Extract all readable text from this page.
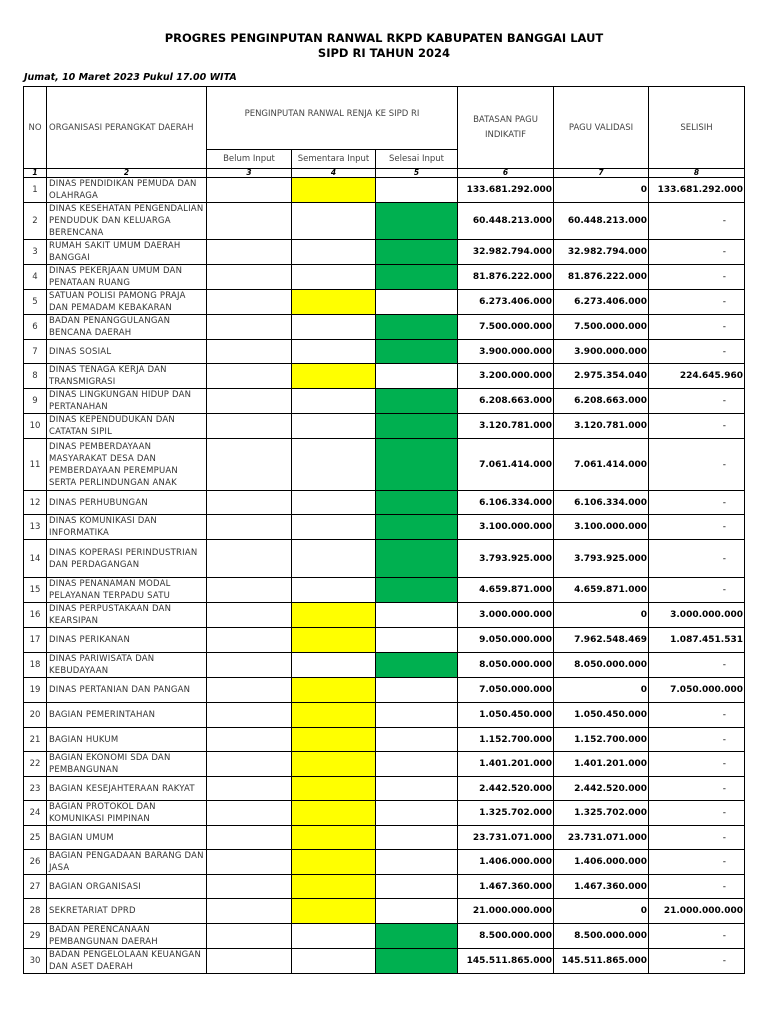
PROGRES PENGINPUTAN RANWAL RKPD KABUPATEN BANGGAI LAUT
SIPD RI TAHUN 2024
Jumat, 10 Maret 2023 Pukul 17.00 WITA
NO	ORGANISASI PERANGKAT DAERAH	PENGINPUTAN RANWAL RENJA KE SIPD RI			BATASAN PAGU INDIKATIF	PAGU VALIDASI	SELISIH
		Belum Input	Sementara Input	Selesai Input			
1	2	3	4	5	6	7	8
1	DINAS PENDIDIKAN PEMUDA DAN OLAHRAGA				133.681.292.000	0	133.681.292.000
2	DINAS KESEHATAN PENGENDALIAN PENDUDUK DAN KELUARGA BERENCANA				60.448.213.000	60.448.213.000	-
3	RUMAH SAKIT UMUM DAERAH BANGGAI				32.982.794.000	32.982.794.000	-
4	DINAS PEKERJAAN UMUM DAN PENATAAN RUANG				81.876.222.000	81.876.222.000	-
5	SATUAN POLISI PAMONG PRAJA DAN PEMADAM KEBAKARAN				6.273.406.000	6.273.406.000	-
6	BADAN PENANGGULANGAN BENCANA DAERAH				7.500.000.000	7.500.000.000	-
7	DINAS SOSIAL				3.900.000.000	3.900.000.000	-
8	DINAS TENAGA KERJA DAN TRANSMIGRASI				3.200.000.000	2.975.354.040	224.645.960
9	DINAS LINGKUNGAN HIDUP DAN PERTANAHAN				6.208.663.000	6.208.663.000	-
10	DINAS KEPENDUDUKAN DAN CATATAN SIPIL				3.120.781.000	3.120.781.000	-
11	DINAS PEMBERDAYAAN MASYARAKAT DESA DAN PEMBERDAYAAN PEREMPUAN SERTA PERLINDUNGAN ANAK				7.061.414.000	7.061.414.000	-
12	DINAS PERHUBUNGAN				6.106.334.000	6.106.334.000	-
13	DINAS KOMUNIKASI DAN INFORMATIKA				3.100.000.000	3.100.000.000	-
14	DINAS KOPERASI PERINDUSTRIAN DAN PERDAGANGAN				3.793.925.000	3.793.925.000	-
15	DINAS PENANAMAN MODAL PELAYANAN TERPADU SATU				4.659.871.000	4.659.871.000	-
16	DINAS PERPUSTAKAAN DAN KEARSIPAN				3.000.000.000	0	3.000.000.000
17	DINAS PERIKANAN				9.050.000.000	7.962.548.469	1.087.451.531
18	DINAS PARIWISATA DAN KEBUDAYAAN				8.050.000.000	8.050.000.000	-
19	DINAS PERTANIAN DAN PANGAN				7.050.000.000	0	7.050.000.000
20	BAGIAN PEMERINTAHAN				1.050.450.000	1.050.450.000	-
21	BAGIAN HUKUM				1.152.700.000	1.152.700.000	-
22	BAGIAN EKONOMI SDA DAN PEMBANGUNAN				1.401.201.000	1.401.201.000	-
23	BAGIAN KESEJAHTERAAN RAKYAT				2.442.520.000	2.442.520.000	-
24	BAGIAN PROTOKOL DAN KOMUNIKASI PIMPINAN				1.325.702.000	1.325.702.000	-
25	BAGIAN UMUM				23.731.071.000	23.731.071.000	-
26	BAGIAN PENGADAAN BARANG DAN JASA				1.406.000.000	1.406.000.000	-
27	BAGIAN ORGANISASI				1.467.360.000	1.467.360.000	-
28	SEKRETARIAT DPRD				21.000.000.000	0	21.000.000.000
29	BADAN PERENCANAAN PEMBANGUNAN DAERAH				8.500.000.000	8.500.000.000	-
30	BADAN PENGELOLAAN KEUANGAN DAN ASET DAERAH				145.511.865.000	145.511.865.000	-
